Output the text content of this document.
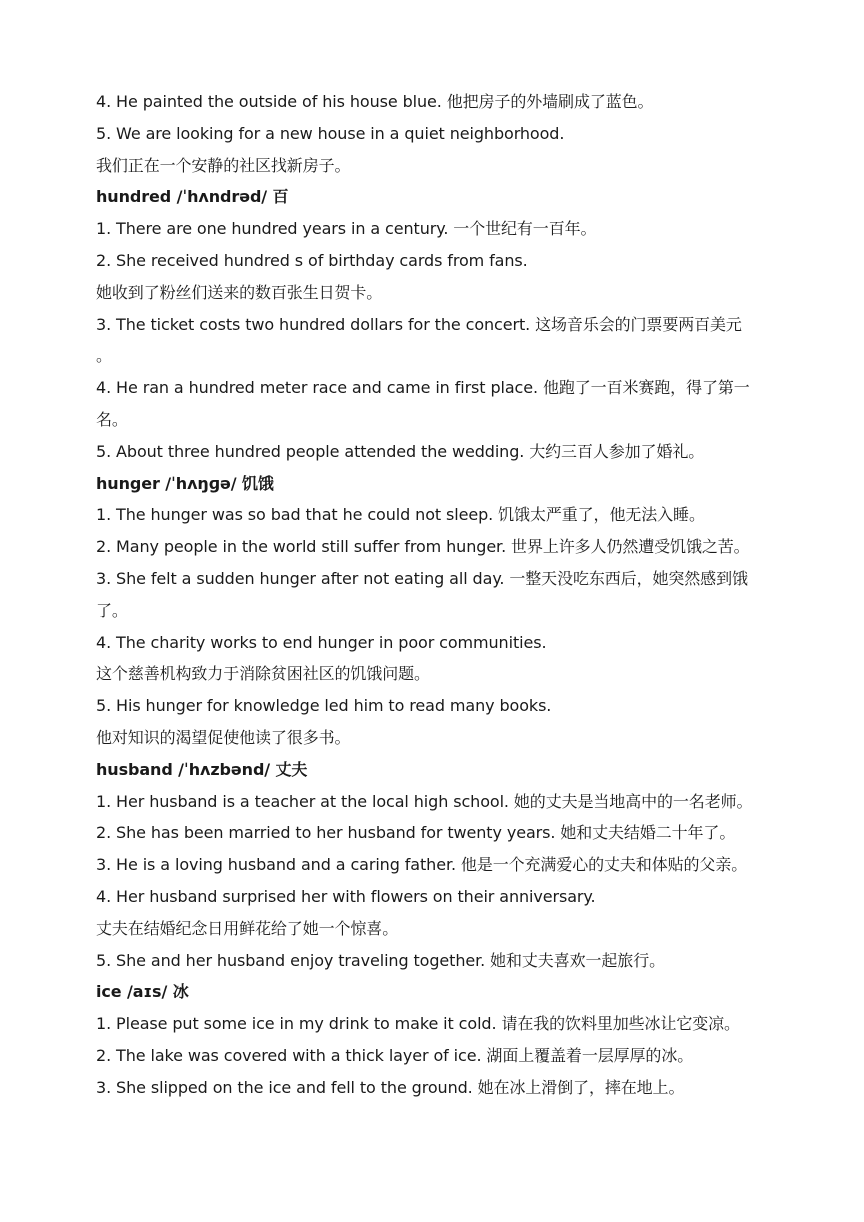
4. He painted the outside of his house blue. 他把房子的外墙刷成了蓝色。
5. We are looking for a new house in a quiet neighborhood.
我们正在一个安静的社区找新房子。
hundred /ˈhʌndrəd/ 百
1. There are one hundred years in a century. 一个世纪有一百年。
2. She received hundred s of birthday cards from fans.
她收到了粉丝们送来的数百张生日贺卡。
3. The ticket costs two hundred dollars for the concert. 这场音乐会的门票要两百美元
。
4. He ran a hundred meter race and came in first place. 他跑了一百米赛跑，得了第一
名。
5. About three hundred people attended the wedding. 大约三百人参加了婚礼。
hunger /ˈhʌŋɡə/ 饥饿
1. The hunger was so bad that he could not sleep. 饥饿太严重了，他无法入睡。
2. Many people in the world still suffer from hunger. 世界上许多人仍然遭受饥饿之苦。
3. She felt a sudden hunger after not eating all day. 一整天没吃东西后，她突然感到饿
了。
4. The charity works to end hunger in poor communities.
这个慈善机构致力于消除贫困社区的饥饿问题。
5. His hunger for knowledge led him to read many books.
他对知识的渴望促使他读了很多书。
husband /ˈhʌzbənd/ 丈夫
1. Her husband is a teacher at the local high school. 她的丈夫是当地高中的一名老师。
2. She has been married to her husband for twenty years. 她和丈夫结婚二十年了。
3. He is a loving husband and a caring father. 他是一个充满爱心的丈夫和体贴的父亲。
4. Her husband surprised her with flowers on their anniversary.
丈夫在结婚纪念日用鲜花给了她一个惊喜。
5. She and her husband enjoy traveling together. 她和丈夫喜欢一起旅行。
ice /aɪs/ 冰
1. Please put some ice in my drink to make it cold. 请在我的饮料里加些冰让它变凉。
2. The lake was covered with a thick layer of ice. 湖面上覆盖着一层厚厚的冰。
3. She slipped on the ice and fell to the ground. 她在冰上滑倒了，摔在地上。
